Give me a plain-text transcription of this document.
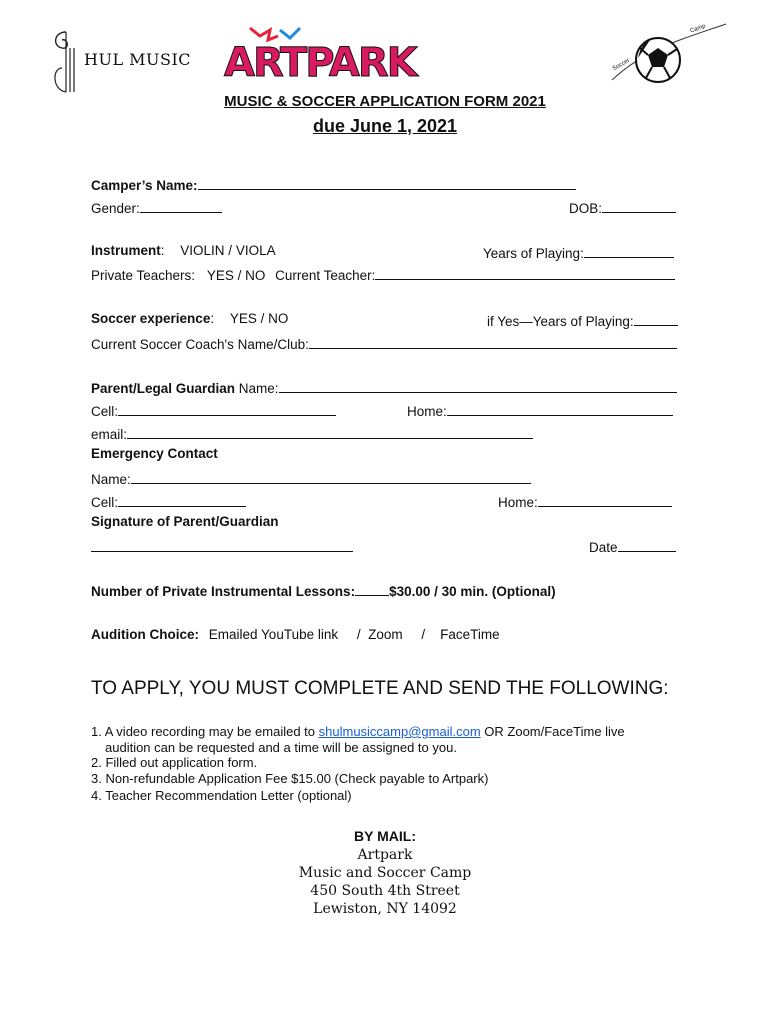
HUL MUSIC ARTPARK
Camp
Soccer
MUSIC & SOCCER APPLICATION FORM 2021
due June 1, 2021
Camper’s Name:
Gender:	DOB:
Instrument: VIOLIN / VIOLA	Years of Playing:
Private Teachers: YES / NO Current Teacher:
Soccer experience: YES / NO	if Yes—Years of Playing:
Current Soccer Coach's Name/Club:
Parent/Legal Guardian Name:
Cell:	Home:
email:
Emergency Contact
Name:
Cell:	Home:
Signature of Parent/Guardian
Date
Number of Private Instrumental Lessons:	$30.00 / 30 min. (Optional)
Audition Choice: Emailed YouTube link     /  Zoom     /    FaceTime
TO APPLY, YOU MUST COMPLETE AND SEND THE FOLLOWING:
1. A video recording may be emailed to shulmusiccamp@gmail.com OR Zoom/FaceTime live
audition can be requested and a time will be assigned to you.
2. Filled out application form.
3. Non-refundable Application Fee $15.00 (Check payable to Artpark)
4. Teacher Recommendation Letter (optional)
BY MAIL:
Artpark
Music and Soccer Camp
450 South 4th Street
Lewiston, NY 14092
